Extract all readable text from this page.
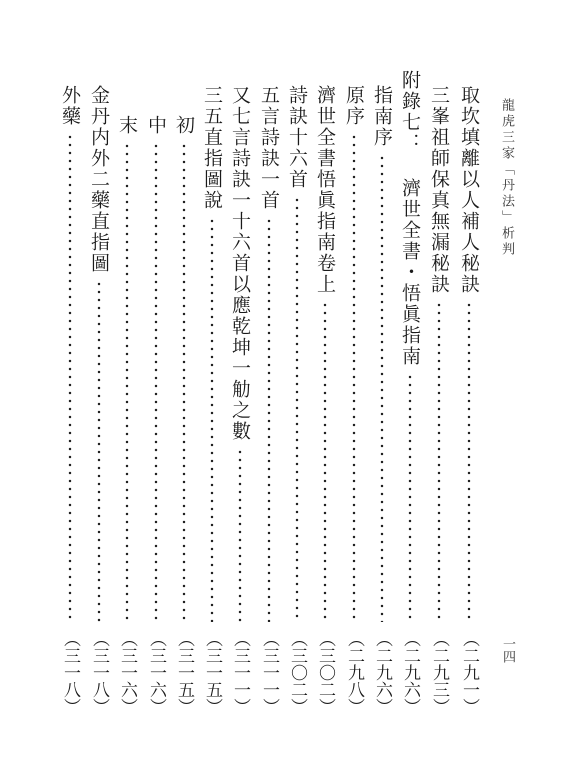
龍虎三家「丹法」析判
一四
取坎填離以人補人秘訣
（二九一）
三峯祖師保真無漏秘訣
（二九三）
附錄七： 濟世全書・悟眞指南
（二九六）
指南序
（二九六）
原序
（二九八）
濟世全書悟眞指南卷上
（三〇二）
詩訣十六首
（三〇二）
五言詩訣一首
（三一一）
又七言詩訣一十六首以應乾坤一觔之數
（三一一）
三五直指圖說
（三一五）
初
（三一五）
中
（三一六）
末
（三一六）
金丹内外二藥直指圖
（三一八）
外藥
（三一八）
